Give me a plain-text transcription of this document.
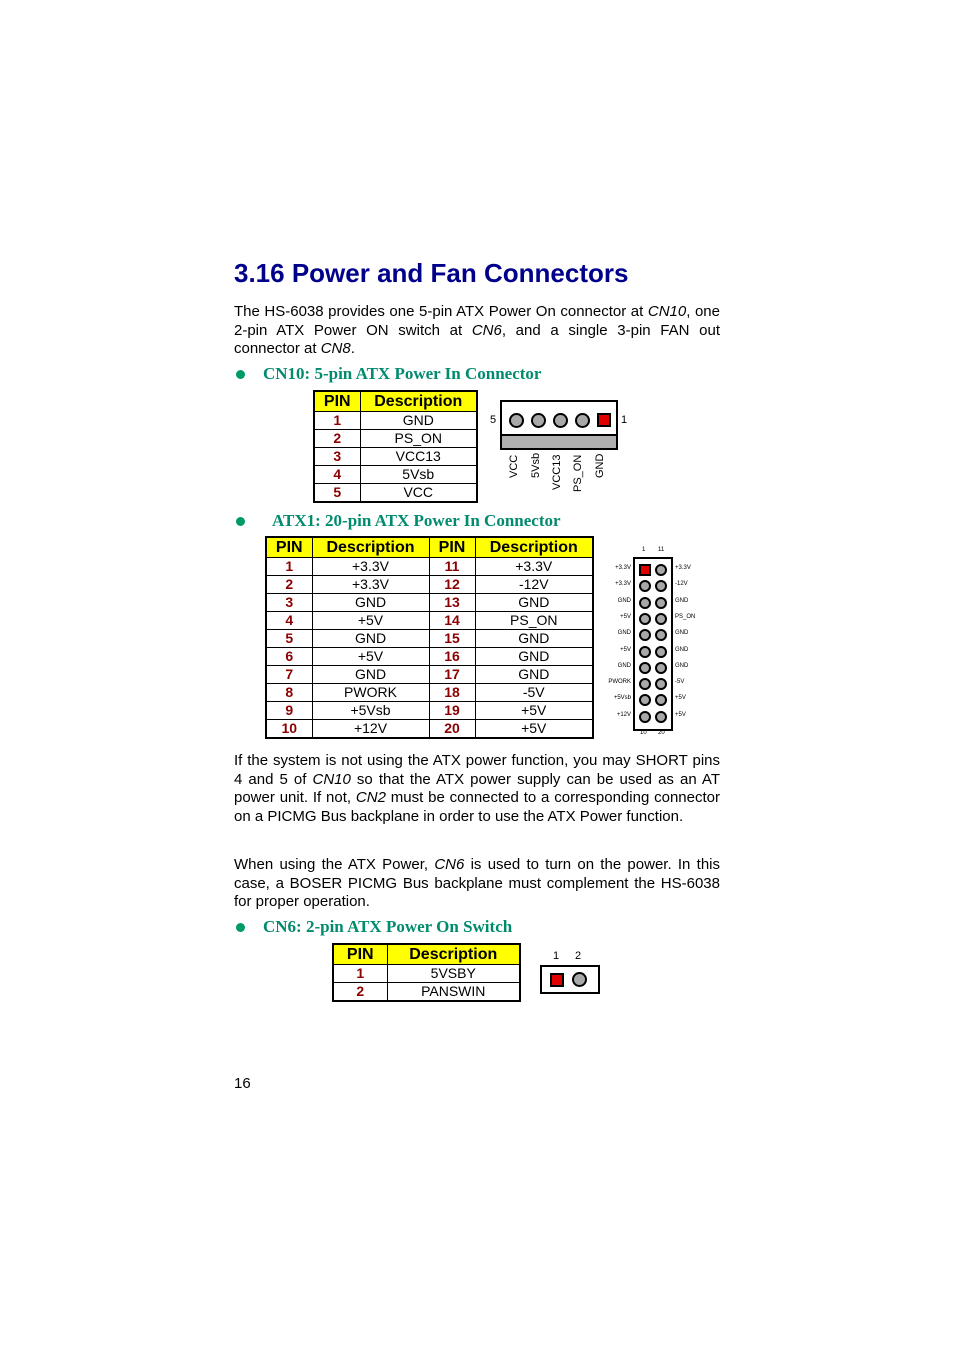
3.16 Power and Fan Connectors
The HS-6038 provides one 5-pin ATX Power On connector at CN10, one 2-pin ATX Power ON switch at CN6, and a single 3-pin FAN out connector at CN8.
CN10: 5-pin ATX Power In Connector
PIN	Description
1	GND
2	PS_ON
3	VCC13
4	5Vsb
5	VCC
5	1
VCC 5Vsb VCC13 PS_ON GND
ATX1: 20-pin ATX Power In Connector
PIN	Description	PIN	Description
1	+3.3V	11	+3.3V
2	+3.3V	12	-12V
3	GND	13	GND
4	+5V	14	PS_ON
5	GND	15	GND
6	+5V	16	GND
7	GND	17	GND
8	PWORK	18	-5V
9	+5Vsb	19	+5V
10	+12V	20	+5V
1 11
+3.3V	+3.3V
+3.3V	-12V
GND	GND
+5V	PS_ON
GND	GND
+5V	GND
GND	GND
PWORK	-5V
+5Vsb	+5V
+12V	+5V
10 20
If the system is not using the ATX power function, you may SHORT pins 4 and 5 of CN10 so that the ATX power supply can be used as an AT power unit. If not, CN2 must be connected to a corresponding connector on a PICMG Bus backplane in order to use the ATX Power function.
When using the ATX Power, CN6 is used to turn on the power. In this case, a BOSER PICMG Bus backplane must complement the HS-6038 for proper operation.
CN6: 2-pin ATX Power On Switch
PIN	Description
1	5VSBY
2	PANSWIN
1 2
16
